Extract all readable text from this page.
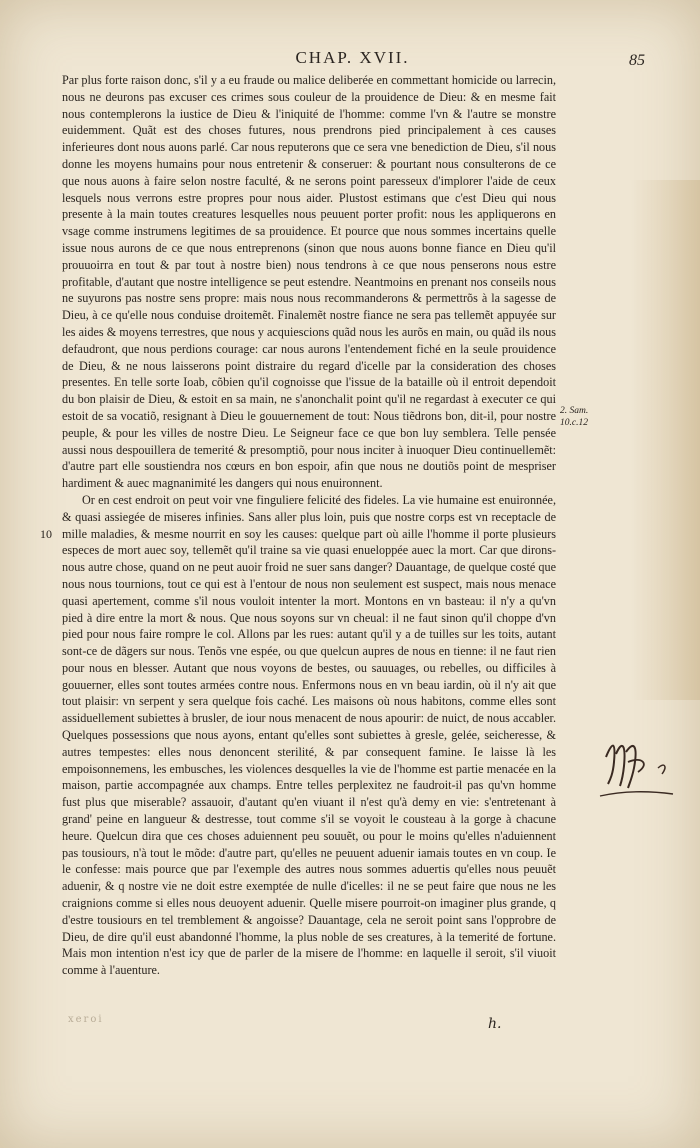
CHAP. XVII.	85

Par plus forte raison donc, s'il y a eu fraude ou malice deliberée en commettant homicide ou larrecin, nous ne deurons pas excuser ces crimes sous couleur de la prouidence de Dieu: & en mesme fait nous contemplerons la iustice de Dieu & l'iniquité de l'homme: comme l'vn & l'autre se monstre euidemment. Quãt est des choses futures, nous prendrons pied principalement à ces causes inferieures dont nous auons parlé. Car nous reputerons que ce sera vne benediction de Dieu, s'il nous donne les moyens humains pour nous entretenir & conseruer: & pourtant nous consulterons de ce que nous auons à faire selon nostre faculté, & ne serons point paresseux d'implorer l'aide de ceux lesquels nous verrons estre propres pour nous aider. Plustost estimans que c'est Dieu qui nous presente à la main toutes creatures lesquelles nous peuuent porter profit: nous les appliquerons en vsage comme instrumens legitimes de sa prouidence. Et pource que nous sommes incertains quelle issue nous aurons de ce que nous entreprenons (sinon que nous auons bonne fiance en Dieu qu'il prouuoirra en tout & par tout à nostre bien) nous tendrons à ce que nous penserons nous estre profitable, d'autant que nostre intelligence se peut estendre. Neantmoins en prenant nos conseils nous ne suyurons pas nostre sens propre: mais nous nous recommanderons & permettrõs à la sagesse de Dieu, à ce qu'elle nous conduise droitemẽt. Finalemẽt nostre fiance ne sera pas tellemẽt appuyée sur les aides & moyens terrestres, que nous y acquiescions quãd nous les aurõs en main, ou quãd ils nous defaudront, que nous perdions courage: car nous aurons l'entendement fiché en la seule prouidence de Dieu, & ne nous laisserons point distraire du regard d'icelle par la consideration des choses presentes. En telle sorte Ioab, cõbien qu'il cognoisse que l'issue de la bataille où il entroit dependoit du bon plaisir de Dieu, & estoit en sa main, ne s'anonchalit point qu'il ne regardast à executer ce qui estoit de sa vocatiõ, resignant à Dieu le gouuernement de tout: Nous tiẽdrons bon, dit-il, pour nostre peuple, & pour les villes de nostre Dieu. Le Seigneur face ce que bon luy semblera. Telle pensée aussi nous despouillera de temerité & presomptiõ, pour nous inciter à inuoquer Dieu continuellemẽt: d'autre part elle soustiendra nos cœurs en bon espoir, afin que nous ne doutiõs point de mespriser hardiment & auec magnanimité les dangers qui nous enuironnent.

Or en cest endroit on peut voir vne finguliere felicité des fideles. La vie humaine est enuironnée, & quasi assiegée de miseres infinies. Sans aller plus loin, puis que nostre corps est vn receptacle de mille maladies, & mesme nourrit en soy les causes: quelque part où aille l'homme il porte plusieurs especes de mort auec soy, tellemẽt qu'il traine sa vie quasi enueloppée auec la mort. Car que dirons-nous autre chose, quand on ne peut auoir froid ne suer sans danger? Dauantage, de quelque costé que nous nous tournions, tout ce qui est à l'entour de nous non seulement est suspect, mais nous menace quasi apertement, comme s'il nous vouloit intenter la mort. Montons en vn basteau: il n'y a qu'vn pied à dire entre la mort & nous. Que nous soyons sur vn cheual: il ne faut sinon qu'il choppe d'vn pied pour nous faire rompre le col. Allons par les rues: autant qu'il y a de tuilles sur les toits, autant sont-ce de dãgers sur nous. Tenõs vne espée, ou que quelcun aupres de nous en tienne: il ne faut rien pour nous en blesser. Autant que nous voyons de bestes, ou sauuages, ou rebelles, ou difficiles à gouuerner, elles sont toutes armées contre nous. Enfermons nous en vn beau iardin, où il n'y ait que tout plaisir: vn serpent y sera quelque fois caché. Les maisons où nous habitons, comme elles sont assiduellement subiettes à brusler, de iour nous menacent de nous apourir: de nuict, de nous accabler. Quelques possessions que nous ayons, entant qu'elles sont subiettes à gresle, gelée, seicheresse, & autres tempestes: elles nous denoncent sterilité, & par consequent famine. Ie laisse là les empoisonnemens, les embusches, les violences desquelles la vie de l'homme est partie menacée en la maison, partie accompagnée aux champs. Entre telles perplexitez ne faudroit-il pas qu'vn homme fust plus que miserable? assauoir, d'autant qu'en viuant il n'est qu'à demy en vie: s'entretenant à grand' peine en langueur & destresse, tout comme s'il se voyoit le cousteau à la gorge à chacune heure. Quelcun dira que ces choses aduiennent peu souuẽt, ou pour le moins qu'elles n'aduiennent pas tousiours, n'à tout le mõde: d'autre part, qu'elles ne peuuent aduenir iamais toutes en vn coup. Ie le confesse: mais pource que par l'exemple des autres nous sommes aduertis qu'elles nous peuuẽt aduenir, & q nostre vie ne doit estre exemptée de nulle d'icelles: il ne se peut faire que nous ne les craignions comme si elles nous deuoyent aduenir. Quelle misere pourroit-on imaginer plus grande, q d'estre tousiours en tel tremblement & angoisse? Dauantage, cela ne seroit point sans l'opprobre de Dieu, de dire qu'il eust abandonné l'homme, la plus noble de ses creatures, à la temerité de fortune. Mais mon intention n'est icy que de parler de la misere de l'homme: en laquelle il seroit, s'il viuoit comme à l'auenture.

10
2. Sam.
10.c.12
xeroi	h.
